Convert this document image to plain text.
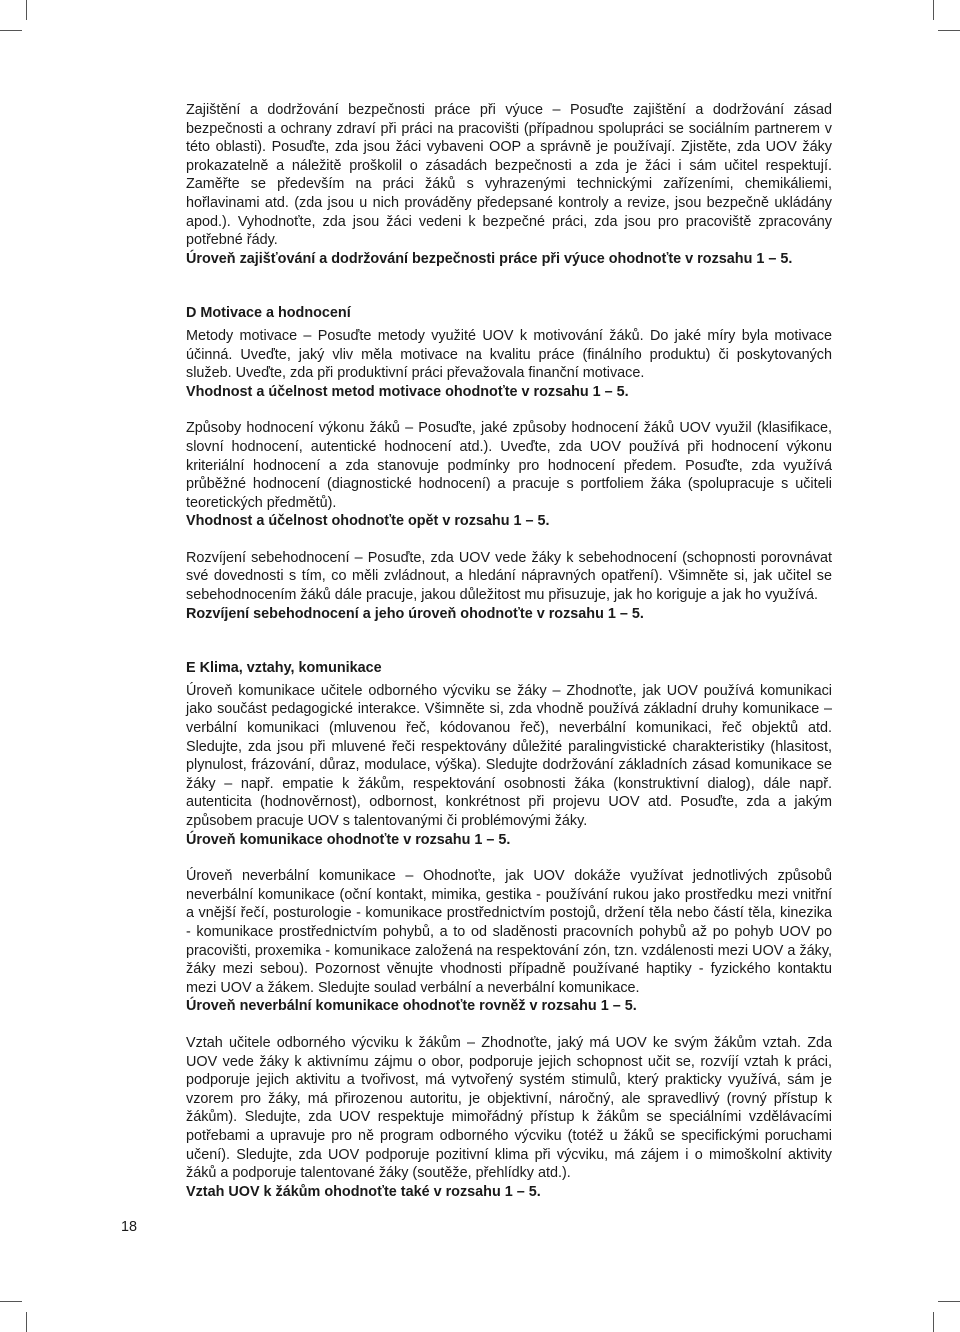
Zajištění a dodržování bezpečnosti práce při výuce – Posuďte zajištění a dodržování zásad bezpečnosti a ochrany zdraví při práci na pracovišti (případnou spolupráci se sociálním partnerem v této oblasti). Posuďte, zda jsou žáci vybaveni OOP a správně je používají. Zjistěte, zda UOV žáky prokazatelně a náležitě proškolil o zásadách bezpečnosti a zda je žáci i sám učitel respektují. Zaměřte se především na práci žáků s vyhrazenými technickými zařízeními, chemikáliemi, hořlavinami atd. (zda jsou u nich prováděny předepsané kontroly a revize, jsou bezpečně ukládány apod.). Vyhodnoťte, zda jsou žáci vedeni k bezpečné práci, zda jsou pro pracoviště zpracovány potřebné řády.

Úroveň zajišťování a dodržování bezpečnosti práce při výuce ohodnoťte v rozsahu 1 – 5.

D Motivace a hodnocení

Metody motivace – Posuďte metody využité UOV k motivování žáků. Do jaké míry byla motivace účinná. Uveďte, jaký vliv měla motivace na kvalitu práce (finálního produktu) či poskytovaných služeb. Uveďte, zda při produktivní práci převažovala finanční motivace.

Vhodnost a účelnost metod motivace ohodnoťte v rozsahu 1 – 5.

Způsoby hodnocení výkonu žáků – Posuďte, jaké způsoby hodnocení žáků UOV využil (klasifikace, slovní hodnocení, autentické hodnocení atd.). Uveďte, zda UOV používá při hodnocení výkonu kriteriální hodnocení a zda stanovuje podmínky pro hodnocení předem. Posuďte, zda využívá průběžné hodnocení (diagnostické hodnocení) a pracuje s portfoliem žáka (spolupracuje s učiteli teoretických předmětů).

Vhodnost a účelnost ohodnoťte opět v rozsahu 1 – 5.

Rozvíjení sebehodnocení – Posuďte, zda UOV vede žáky k sebehodnocení (schopnosti porovnávat své dovednosti s tím, co měli zvládnout, a hledání nápravných opatření). Všimněte si, jak učitel se sebehodnocením žáků dále pracuje, jakou důležitost mu přisuzuje, jak ho koriguje a jak ho využívá.

Rozvíjení sebehodnocení a jeho úroveň ohodnoťte v rozsahu 1 – 5.

E Klima, vztahy, komunikace

Úroveň komunikace učitele odborného výcviku se žáky – Zhodnoťte, jak UOV používá komunikaci jako součást pedagogické interakce. Všimněte si, zda vhodně používá základní druhy komunikace – verbální komunikaci (mluvenou řeč, kódovanou řeč), neverbální komunikaci, řeč objektů atd. Sledujte, zda jsou při mluvené řeči respektovány důležité paralingvistické charakteristiky (hlasitost, plynulost, frázování, důraz, modulace, výška). Sledujte dodržování základních zásad komunikace se žáky – např. empatie k žákům, respektování osobnosti žáka (konstruktivní dialog), dále např. autenticita (hodnověrnost), odbornost, konkrétnost při projevu UOV atd. Posuďte, zda a jakým způsobem pracuje UOV s talentovanými či problémovými žáky.

Úroveň komunikace ohodnoťte v rozsahu 1 – 5.

Úroveň neverbální komunikace – Ohodnoťte, jak UOV dokáže využívat jednotlivých způsobů neverbální komunikace (oční kontakt, mimika, gestika - používání rukou jako prostředku mezi vnitřní a vnější řečí, posturologie - komunikace prostřednictvím postojů, držení těla nebo částí těla, kinezika - komunikace prostřednictvím pohybů, a to od sladěnosti pracovních pohybů až po pohyb UOV po pracovišti, proxemika - komunikace založená na respektování zón, tzn. vzdálenosti mezi UOV a žáky, žáky mezi sebou). Pozornost věnujte vhodnosti případně používané haptiky - fyzického kontaktu mezi UOV a žákem. Sledujte soulad verbální a neverbální komunikace.

Úroveň neverbální komunikace ohodnoťte rovněž v rozsahu 1 – 5.

Vztah učitele odborného výcviku k žákům – Zhodnoťte, jaký má UOV ke svým žákům vztah. Zda UOV vede žáky k aktivnímu zájmu o obor, podporuje jejich schopnost učit se, rozvíjí vztah k práci, podporuje jejich aktivitu a tvořivost, má vytvořený systém stimulů, který prakticky využívá, sám je vzorem pro žáky, má přirozenou autoritu, je objektivní, náročný, ale spravedlivý (rovný přístup k žákům). Sledujte, zda UOV respektuje mimořádný přístup k žákům se speciálními vzdělávacími potřebami a upravuje pro ně program odborného výcviku (totéž u žáků se specifickými poruchami učení). Sledujte, zda UOV podporuje pozitivní klima při výcviku, má zájem i o mimoškolní aktivity žáků a podporuje talentované žáky (soutěže, přehlídky atd.).

Vztah UOV k žákům ohodnoťte také v rozsahu 1 – 5.

18
